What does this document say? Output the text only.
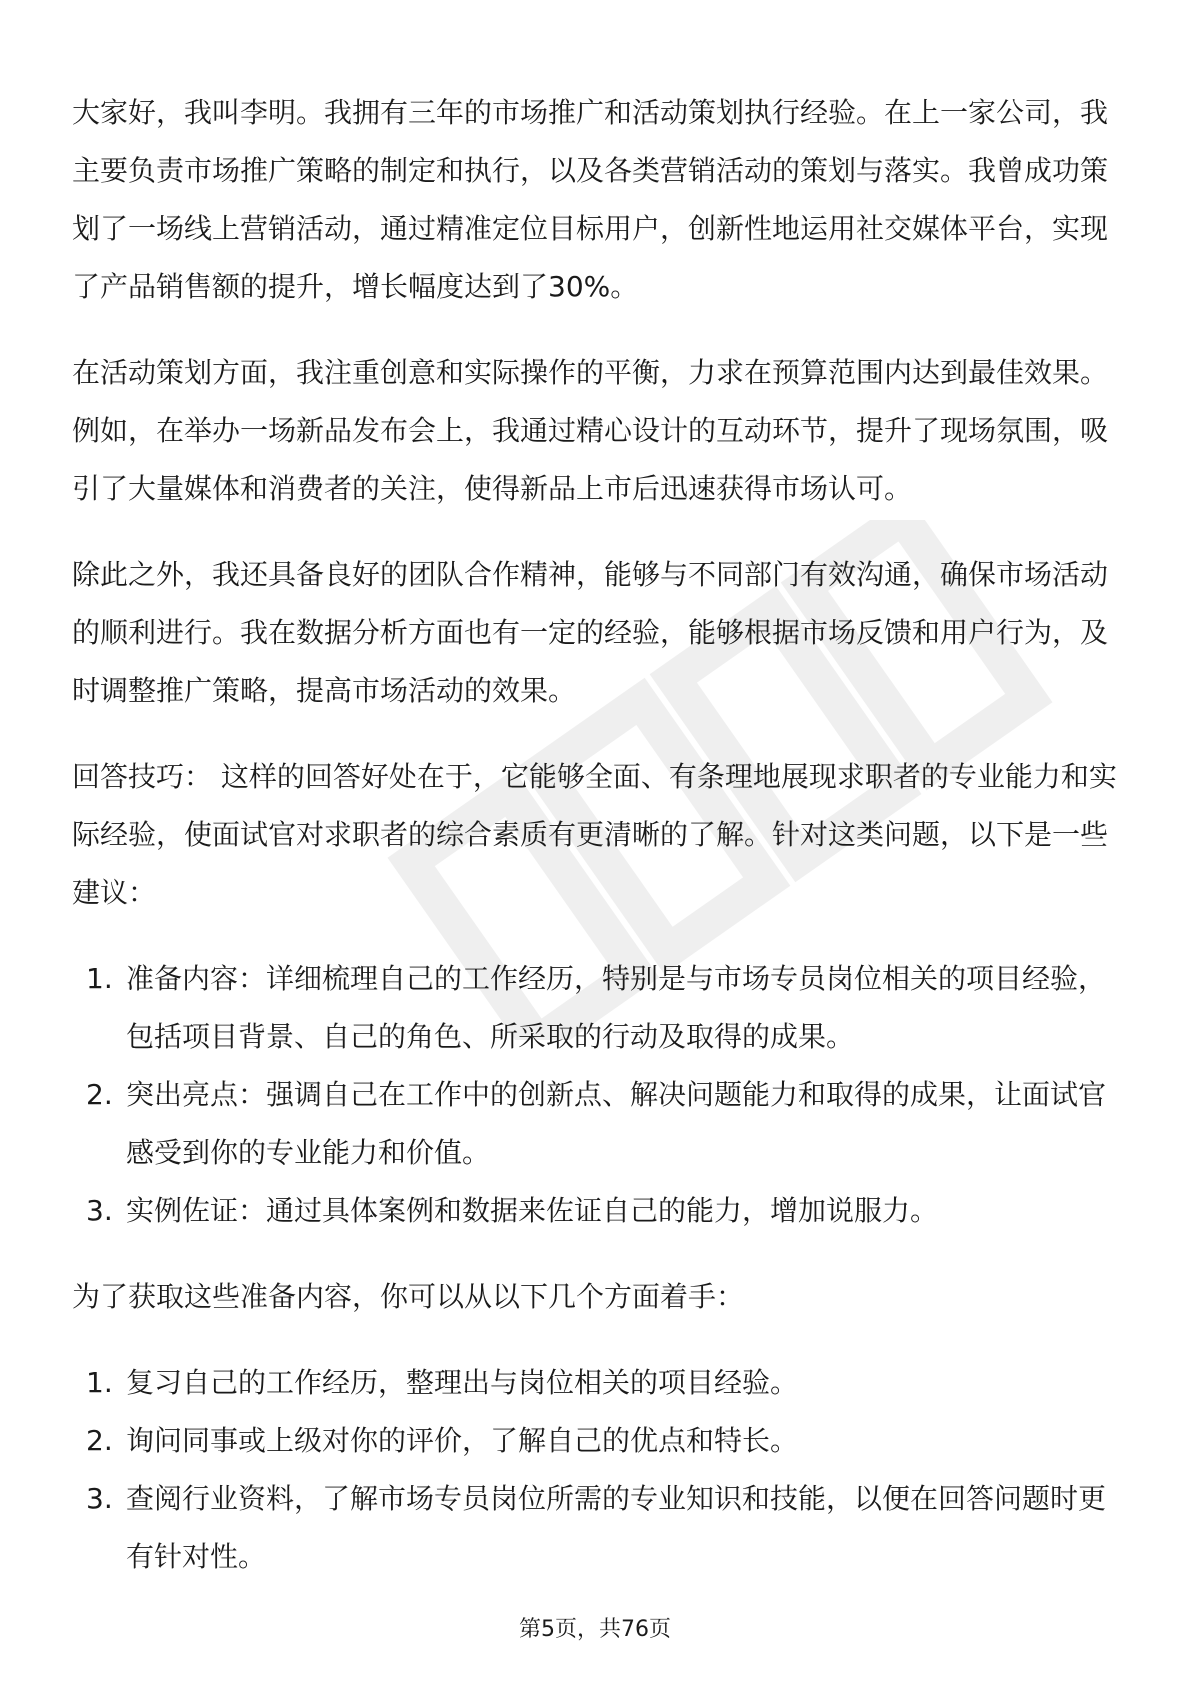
大家好，我叫李明。我拥有三年的市场推广和活动策划执行经验。在上一家公司，我主要负责市场推广策略的制定和执行，以及各类营销活动的策划与落实。我曾成功策划了一场线上营销活动，通过精准定位目标用户，创新性地运用社交媒体平台，实现了产品销售额的提升，增长幅度达到了30%。

在活动策划方面，我注重创意和实际操作的平衡，力求在预算范围内达到最佳效果。例如，在举办一场新品发布会上，我通过精心设计的互动环节，提升了现场氛围，吸引了大量媒体和消费者的关注，使得新品上市后迅速获得市场认可。

除此之外，我还具备良好的团队合作精神，能够与不同部门有效沟通，确保市场活动的顺利进行。我在数据分析方面也有一定的经验，能够根据市场反馈和用户行为，及时调整推广策略，提高市场活动的效果。

回答技巧： 这样的回答好处在于，它能够全面、有条理地展现求职者的专业能力和实际经验，使面试官对求职者的综合素质有更清晰的了解。针对这类问题，以下是一些建议：

1. 准备内容：详细梳理自己的工作经历，特别是与市场专员岗位相关的项目经验，包括项目背景、自己的角色、所采取的行动及取得的成果。
2. 突出亮点：强调自己在工作中的创新点、解决问题能力和取得的成果，让面试官感受到你的专业能力和价值。
3. 实例佐证：通过具体案例和数据来佐证自己的能力，增加说服力。

为了获取这些准备内容，你可以从以下几个方面着手：

1. 复习自己的工作经历，整理出与岗位相关的项目经验。
2. 询问同事或上级对你的评价，了解自己的优点和特长。
3. 查阅行业资料，了解市场专员岗位所需的专业知识和技能，以便在回答问题时更有针对性。
第5页，共76页
